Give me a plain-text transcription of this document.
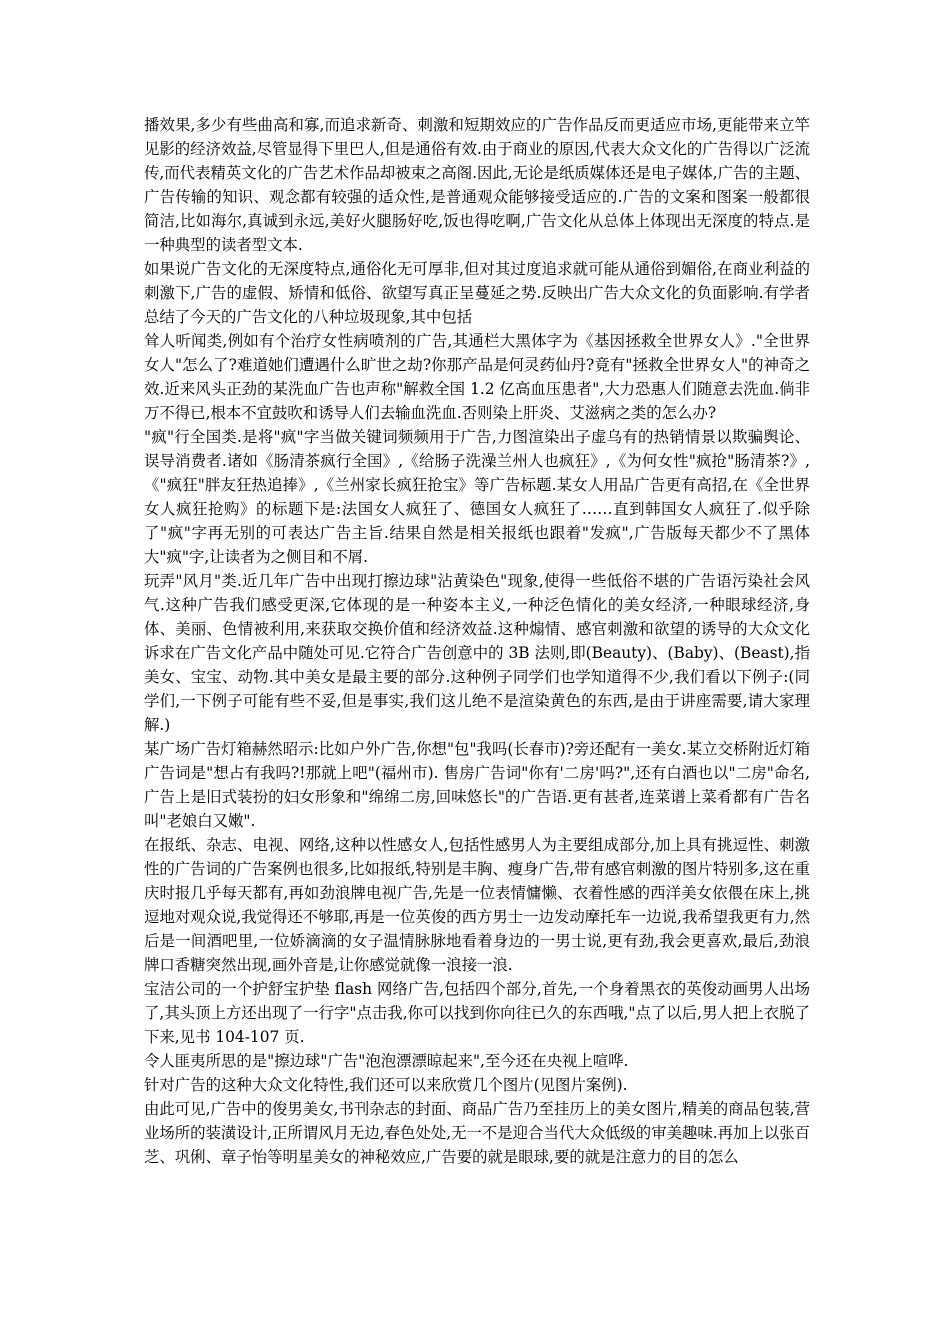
播效果,多少有些曲高和寡,而追求新奇、刺激和短期效应的广告作品反而更适应市场,更能带来立竿见影的经济效益,尽管显得下里巴人,但是通俗有效.由于商业的原因,代表大众文化的广告得以广泛流传,而代表精英文化的广告艺术作品却被束之高阁.因此,无论是纸质媒体还是电子媒体,广告的主题、广告传输的知识、观念都有较强的适众性,是普通观众能够接受适应的.广告的文案和图案一般都很简洁,比如海尔,真诚到永远,美好火腿肠好吃,饭也得吃啊,广告文化从总体上体现出无深度的特点.是一种典型的读者型文本.

如果说广告文化的无深度特点,通俗化无可厚非,但对其过度追求就可能从通俗到媚俗,在商业利益的刺激下,广告的虚假、矫情和低俗、欲望写真正呈蔓延之势.反映出广告大众文化的负面影响.有学者总结了今天的广告文化的八种垃圾现象,其中包括

耸人听闻类,例如有个治疗女性病喷剂的广告,其通栏大黑体字为《基因拯救全世界女人》."全世界女人"怎么了?难道她们遭遇什么旷世之劫?你那产品是何灵药仙丹?竟有"拯救全世界女人"的神奇之效.近来风头正劲的某洗血广告也声称"解救全国 1.2 亿高血压患者",大力恐惠人们随意去洗血.倘非万不得已,根本不宜鼓吹和诱导人们去输血洗血.否则染上肝炎、艾滋病之类的怎么办?

"疯"行全国类.是将"疯"字当做关键词频频用于广告,力图渲染出子虚乌有的热销情景以欺骗舆论、误导消费者.诸如《肠清茶疯行全国》,《给肠子洗澡兰州人也疯狂》,《为何女性"疯抢"肠清茶?》,《"疯狂"胖友狂热追捧》,《兰州家长疯狂抢宝》等广告标题.某女人用品广告更有高招,在《全世界女人疯狂抢购》的标题下是:法国女人疯狂了、德国女人疯狂了……直到韩国女人疯狂了.似乎除了"疯"字再无别的可表达广告主旨.结果自然是相关报纸也跟着"发疯",广告版每天都少不了黑体大"疯"字,让读者为之侧目和不屑.

玩弄"风月"类.近几年广告中出现打擦边球"沾黄染色"现象,使得一些低俗不堪的广告语污染社会风气.这种广告我们感受更深,它体现的是一种姿本主义,一种泛色情化的美女经济,一种眼球经济,身体、美丽、色情被利用,来获取交换价值和经济效益.这种煽情、感官刺激和欲望的诱导的大众文化诉求在广告文化产品中随处可见.它符合广告创意中的 3B 法则,即(Beauty)、(Baby)、(Beast),指美女、宝宝、动物.其中美女是最主要的部分.这种例子同学们也学知道得不少,我们看以下例子:(同学们,一下例子可能有些不妥,但是事实,我们这儿绝不是渲染黄色的东西,是由于讲座需要,请大家理解.)

某广场广告灯箱赫然昭示:比如户外广告,你想"包"我吗(长春市)?旁还配有一美女.某立交桥附近灯箱广告词是"想占有我吗?!那就上吧"(福州市). 售房广告词"你有'二房'吗?",还有白酒也以"二房"命名,广告上是旧式装扮的妇女形象和"绵绵二房,回味悠长"的广告语.更有甚者,连菜谱上菜肴都有广告名叫"老娘白又嫩".

在报纸、杂志、电视、网络,这种以性感女人,包括性感男人为主要组成部分,加上具有挑逗性、刺激性的广告词的广告案例也很多,比如报纸,特别是丰胸、瘦身广告,带有感官刺激的图片特别多,这在重庆时报几乎每天都有,再如劲浪牌电视广告,先是一位表情慵懒、衣着性感的西洋美女依偎在床上,挑逗地对观众说,我觉得还不够耶,再是一位英俊的西方男士一边发动摩托车一边说,我希望我更有力,然后是一间酒吧里,一位娇滴滴的女子温情脉脉地看着身边的一男士说,更有劲,我会更喜欢,最后,劲浪牌口香糖突然出现,画外音是,让你感觉就像一浪接一浪.

宝洁公司的一个护舒宝护垫 flash 网络广告,包括四个部分,首先,一个身着黑衣的英俊动画男人出场了,其头顶上方还出现了一行字"点击我,你可以找到你向往已久的东西哦,"点了以后,男人把上衣脱了下来,见书 104-107 页.

令人匪夷所思的是"擦边球"广告"泡泡漂漂晾起来",至今还在央视上喧哗.

针对广告的这种大众文化特性,我们还可以来欣赏几个图片(见图片案例).

由此可见,广告中的俊男美女,书刊杂志的封面、商品广告乃至挂历上的美女图片,精美的商品包装,营业场所的装潢设计,正所谓风月无边,春色处处,无一不是迎合当代大众低级的审美趣味.再加上以张百芝、巩俐、章子怡等明星美女的神秘效应,广告要的就是眼球,要的就是注意力的目的怎么
